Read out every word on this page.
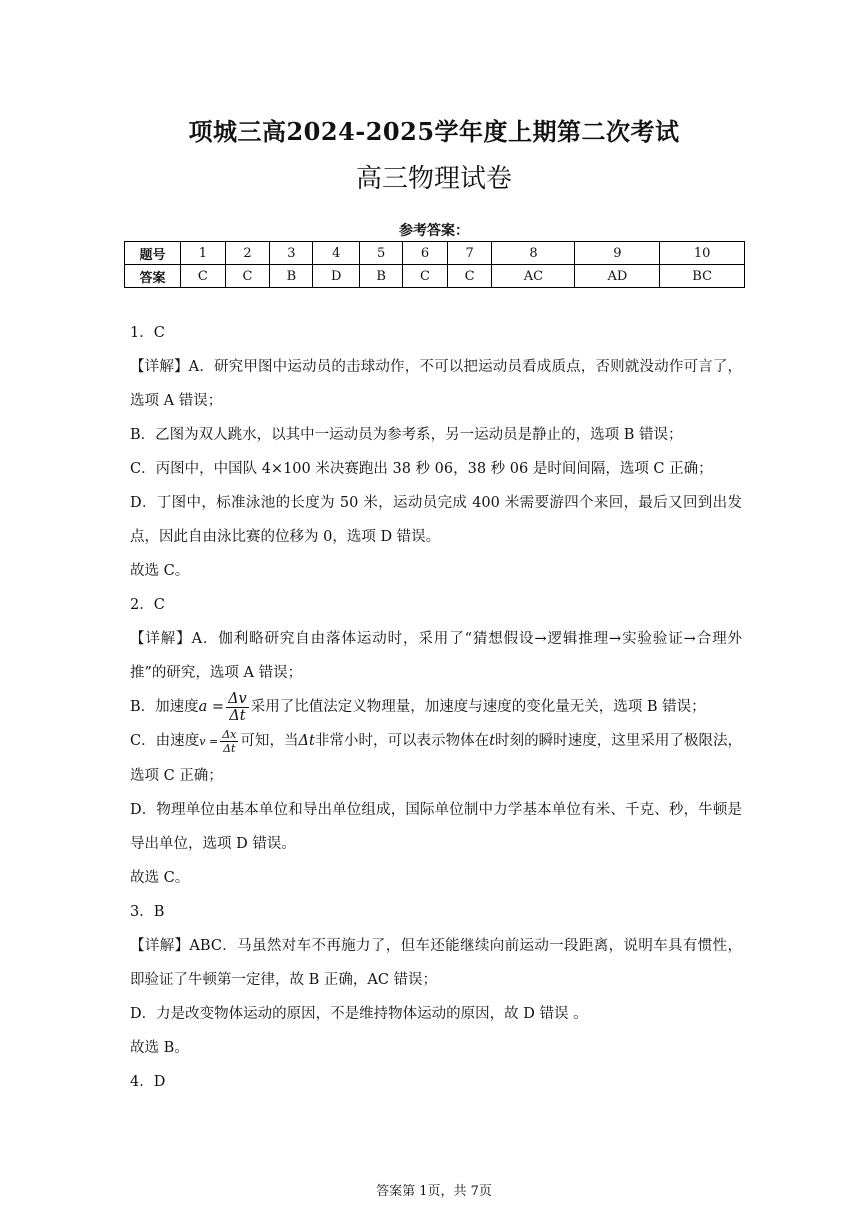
项城三高2024-2025学年度上期第二次考试
高三物理试卷
参考答案：
题号	1	2	3	4	5	6	7	8	9	10
答案	C	C	B	D	B	C	C	AC	AD	BC

1．C

【详解】A．研究甲图中运动员的击球动作，不可以把运动员看成质点，否则就没动作可言了，选项 A 错误；

B．乙图为双人跳水，以其中一运动员为参考系，另一运动员是静止的，选项 B 错误；

C．丙图中，中国队 4×100 米决赛跑出 38 秒 06，38 秒 06 是时间间隔，选项 C 正确；

D．丁图中，标准泳池的长度为 50 米，运动员完成 400 米需要游四个来回，最后又回到出发点，因此自由泳比赛的位移为 0，选项 D 错误。

故选 C。

2．C

【详解】A．伽利略研究自由落体运动时，采用了“猜想假设→逻辑推理→实验验证→合理外推”的研究，选项 A 错误；

B．加速度$a = \frac{\Delta v}{\Delta t}$ 采用了比值法定义物理量，加速度与速度的变化量无关，选项 B 错误；

C．由速度$v = \frac{\Delta x}{\Delta t}$ 可知，当Δt非常小时，可以表示物体在t时刻的瞬时速度，这里采用了极限法，选项 C 正确；

D．物理单位由基本单位和导出单位组成，国际单位制中力学基本单位有米、千克、秒，牛顿是导出单位，选项 D 错误。

故选 C。

3．B

【详解】ABC．马虽然对车不再施力了，但车还能继续向前运动一段距离，说明车具有惯性，即验证了牛顿第一定律，故 B 正确，AC 错误；

D．力是改变物体运动的原因，不是维持物体运动的原因，故 D 错误 。

故选 B。

4．D

答案第 1页，共 7页
